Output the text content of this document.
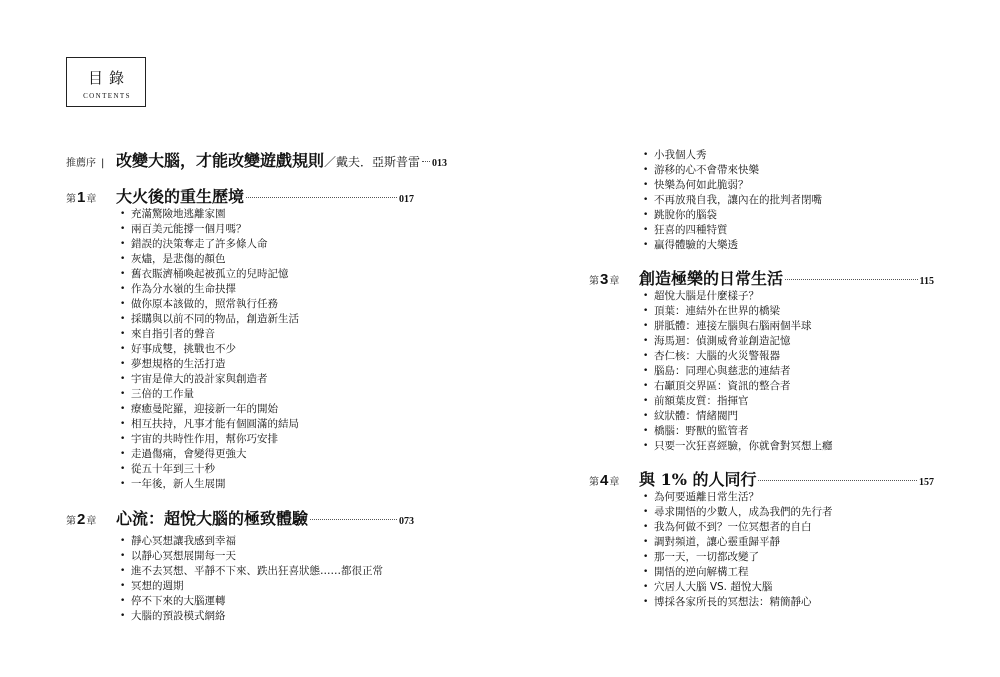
目錄
CONTENTS
推薦序 | 改變大腦，才能改變遊戲規則／戴夫．亞斯普雷 013
第1章	大火後的重生歷境	017
• 充滿驚險地逃離家園
• 兩百美元能撐一個月嗎？
• 錯誤的決策奪走了許多條人命
• 灰燼，是悲傷的顏色
• 舊衣賑濟桶喚起被孤立的兒時記憶
• 作為分水嶺的生命抉擇
• 做你原本該做的，照常執行任務
• 採購與以前不同的物品，創造新生活
• 來自指引者的聲音
• 好事成雙，挑戰也不少
• 夢想規格的生活打造
• 宇宙是偉大的設計家與創造者
• 三倍的工作量
• 療癒曼陀羅，迎接新一年的開始
• 相互扶持，凡事才能有個圓滿的結局
• 宇宙的共時性作用，幫你巧安排
• 走過傷痛，會變得更強大
• 從五十年到三十秒
• 一年後，新人生展開
第2章	心流：超悅大腦的極致體驗	073
• 靜心冥想讓我感到幸福
• 以靜心冥想展開每一天
• 進不去冥想、平靜不下來、跌出狂喜狀態……都很正常
• 冥想的週期
• 停不下來的大腦運轉
• 大腦的預設模式網絡
• 小我個人秀
• 游移的心不會帶來快樂
• 快樂為何如此脆弱？
• 不再放飛自我，讓內在的批判者閉嘴
• 跳脫你的腦袋
• 狂喜的四種特質
• 贏得體驗的大樂透
第3章	創造極樂的日常生活	115
• 超悅大腦是什麼樣子？
• 頂葉：連結外在世界的橋梁
• 胼胝體：連接左腦與右腦兩個半球
• 海馬迴：偵測威脅並創造記憶
• 杏仁核：大腦的火災警報器
• 腦島：同理心與慈悲的連結者
• 右顳頂交界區：資訊的整合者
• 前額葉皮質：指揮官
• 紋狀體：情緒閥門
• 橋腦：野獸的監管者
• 只要一次狂喜經驗，你就會對冥想上癮
第4章	與 1% 的人同行	157
• 為何要遁離日常生活？
• 尋求開悟的少數人，成為我們的先行者
• 我為何做不到？一位冥想者的自白
• 調對頻道，讓心靈重歸平靜
• 那一天，一切都改變了
• 開悟的逆向解構工程
• 穴居人大腦 VS. 超悅大腦
• 博採各家所長的冥想法：精簡靜心
